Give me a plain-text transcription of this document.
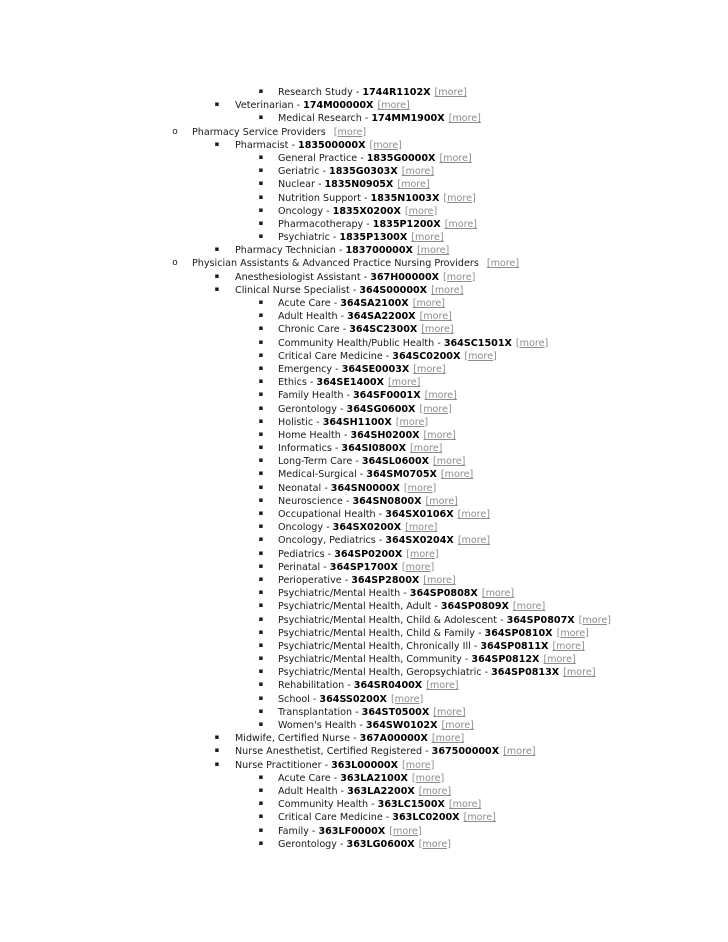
▪ Research Study - 1744R1102X [more]
▪ Veterinarian - 174M00000X [more]
▪ Medical Research - 174MM1900X [more]
o Pharmacy Service Providers [more]
▪ Pharmacist - 183500000X [more]
▪ General Practice - 1835G0000X [more]
▪ Geriatric - 1835G0303X [more]
▪ Nuclear - 1835N0905X [more]
▪ Nutrition Support - 1835N1003X [more]
▪ Oncology - 1835X0200X [more]
▪ Pharmacotherapy - 1835P1200X [more]
▪ Psychiatric - 1835P1300X [more]
▪ Pharmacy Technician - 183700000X [more]
o Physician Assistants & Advanced Practice Nursing Providers [more]
▪ Anesthesiologist Assistant - 367H00000X [more]
▪ Clinical Nurse Specialist - 364S00000X [more]
▪ Acute Care - 364SA2100X [more]
▪ Adult Health - 364SA2200X [more]
▪ Chronic Care - 364SC2300X [more]
▪ Community Health/Public Health - 364SC1501X [more]
▪ Critical Care Medicine - 364SC0200X [more]
▪ Emergency - 364SE0003X [more]
▪ Ethics - 364SE1400X [more]
▪ Family Health - 364SF0001X [more]
▪ Gerontology - 364SG0600X [more]
▪ Holistic - 364SH1100X [more]
▪ Home Health - 364SH0200X [more]
▪ Informatics - 364SI0800X [more]
▪ Long-Term Care - 364SL0600X [more]
▪ Medical-Surgical - 364SM0705X [more]
▪ Neonatal - 364SN0000X [more]
▪ Neuroscience - 364SN0800X [more]
▪ Occupational Health - 364SX0106X [more]
▪ Oncology - 364SX0200X [more]
▪ Oncology, Pediatrics - 364SX0204X [more]
▪ Pediatrics - 364SP0200X [more]
▪ Perinatal - 364SP1700X [more]
▪ Perioperative - 364SP2800X [more]
▪ Psychiatric/Mental Health - 364SP0808X [more]
▪ Psychiatric/Mental Health, Adult - 364SP0809X [more]
▪ Psychiatric/Mental Health, Child & Adolescent - 364SP0807X [more]
▪ Psychiatric/Mental Health, Child & Family - 364SP0810X [more]
▪ Psychiatric/Mental Health, Chronically Ill - 364SP0811X [more]
▪ Psychiatric/Mental Health, Community - 364SP0812X [more]
▪ Psychiatric/Mental Health, Geropsychiatric - 364SP0813X [more]
▪ Rehabilitation - 364SR0400X [more]
▪ School - 364SS0200X [more]
▪ Transplantation - 364ST0500X [more]
▪ Women's Health - 364SW0102X [more]
▪ Midwife, Certified Nurse - 367A00000X [more]
▪ Nurse Anesthetist, Certified Registered - 367500000X [more]
▪ Nurse Practitioner - 363L00000X [more]
▪ Acute Care - 363LA2100X [more]
▪ Adult Health - 363LA2200X [more]
▪ Community Health - 363LC1500X [more]
▪ Critical Care Medicine - 363LC0200X [more]
▪ Family - 363LF0000X [more]
▪ Gerontology - 363LG0600X [more]
